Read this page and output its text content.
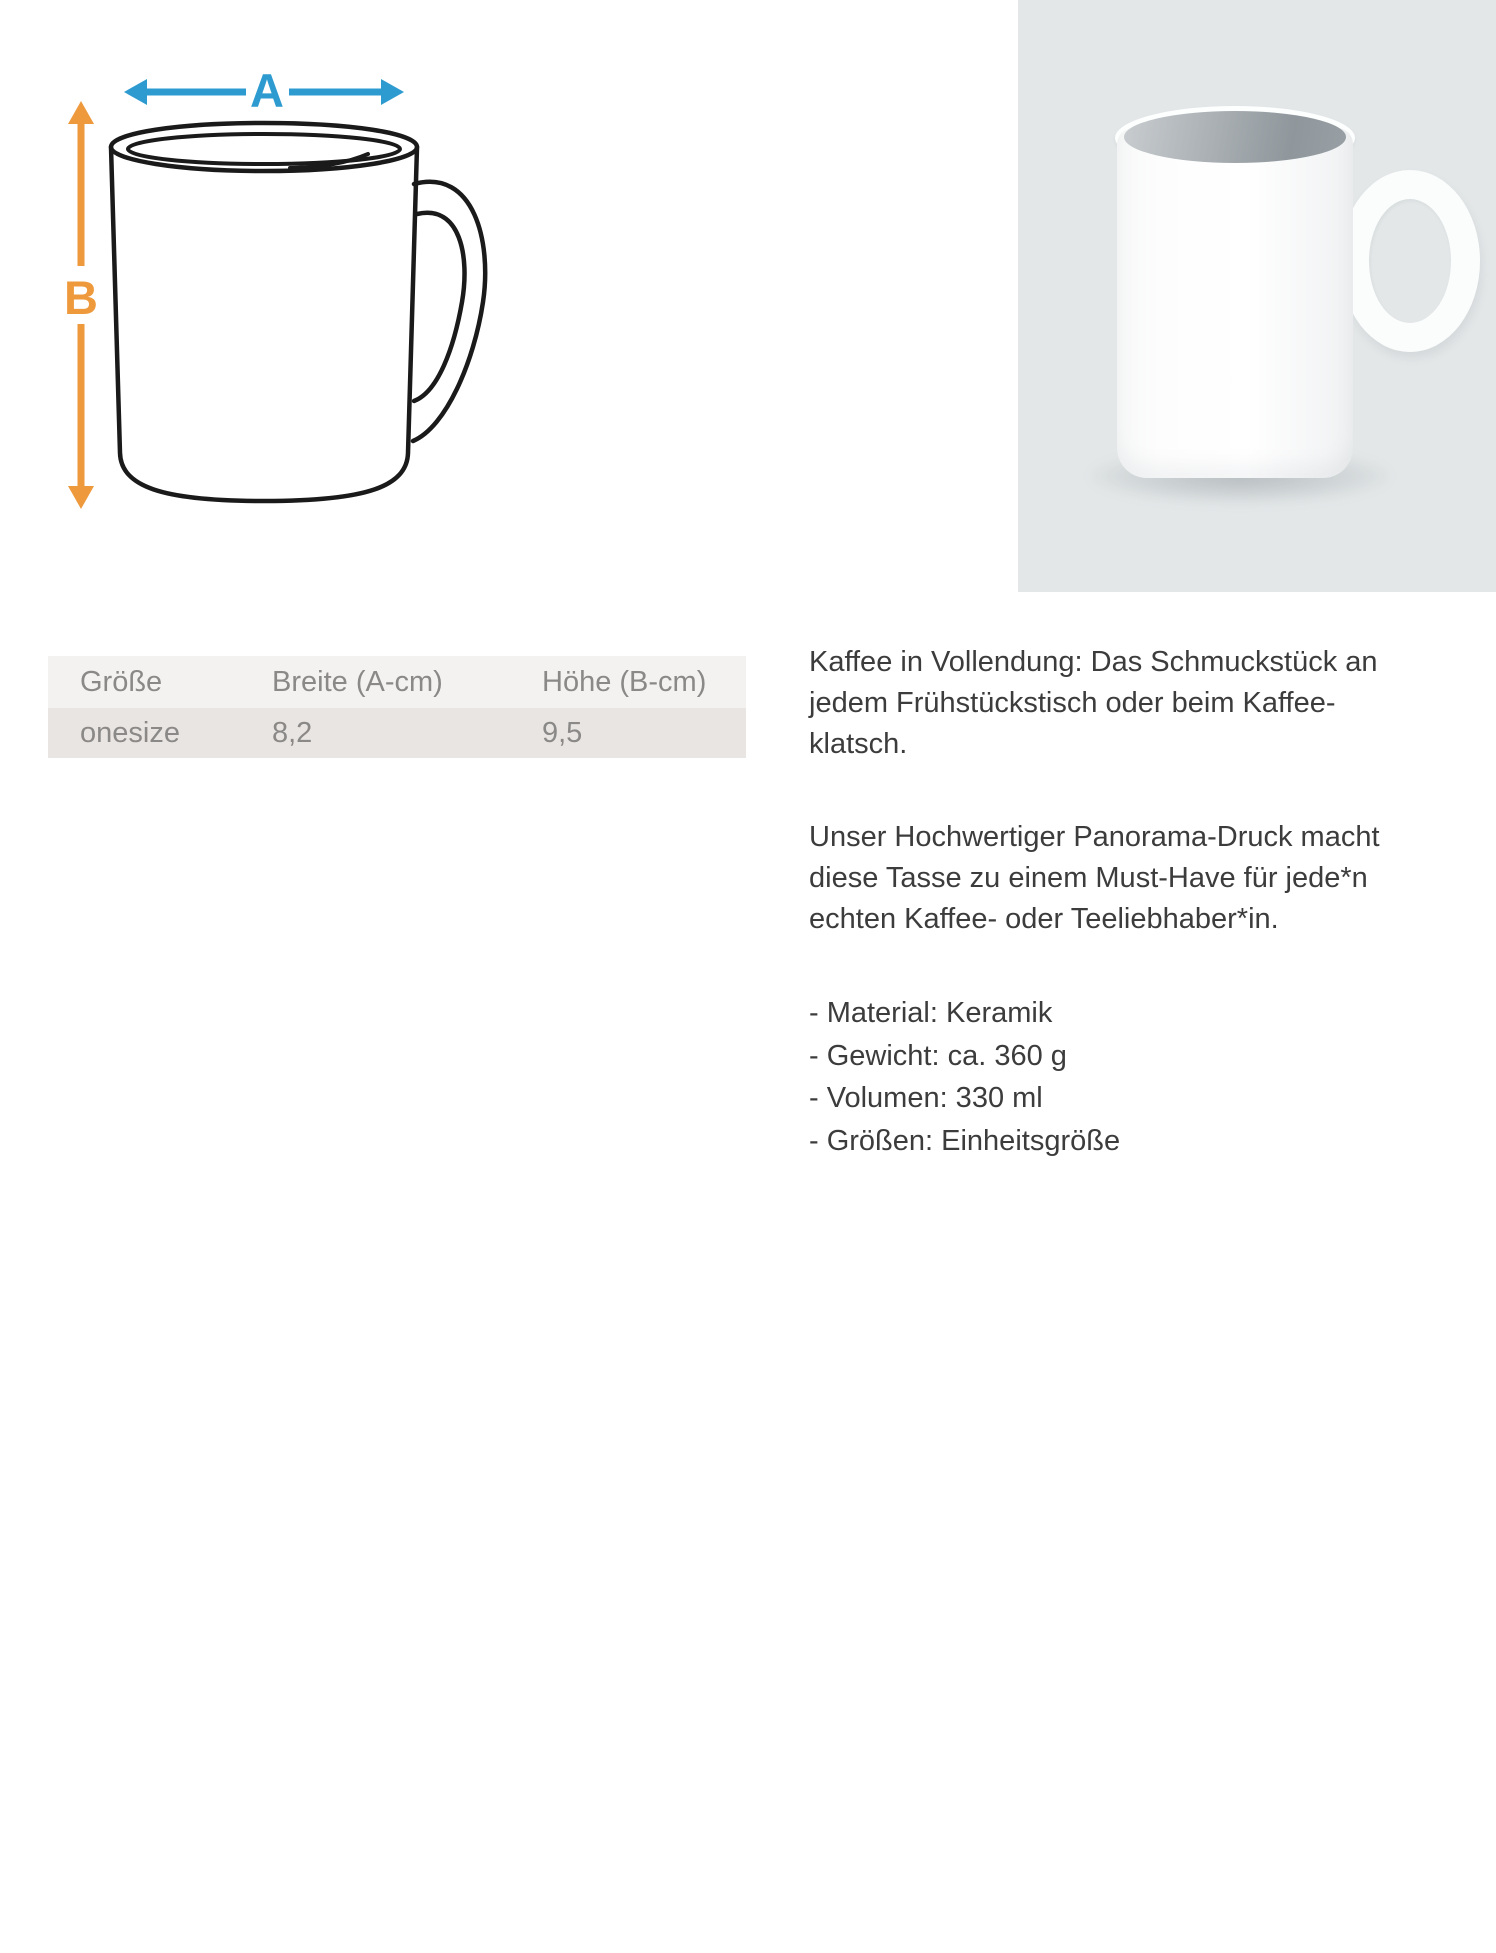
A
B
Größe	Breite (A-cm)	Höhe (B-cm)
onesize	8,2	9,5

Kaffee in Vollendung: Das Schmuckstück an
jedem Frühstückstisch oder beim Kaffee-
klatsch.

Unser Hochwertiger Panorama-Druck macht
diese Tasse zu einem Must-Have für jede*n
echten Kaffee- oder Teeliebhaber*in.

- Material: Keramik
- Gewicht: ca. 360 g
- Volumen: 330 ml
- Größen: Einheitsgröße
